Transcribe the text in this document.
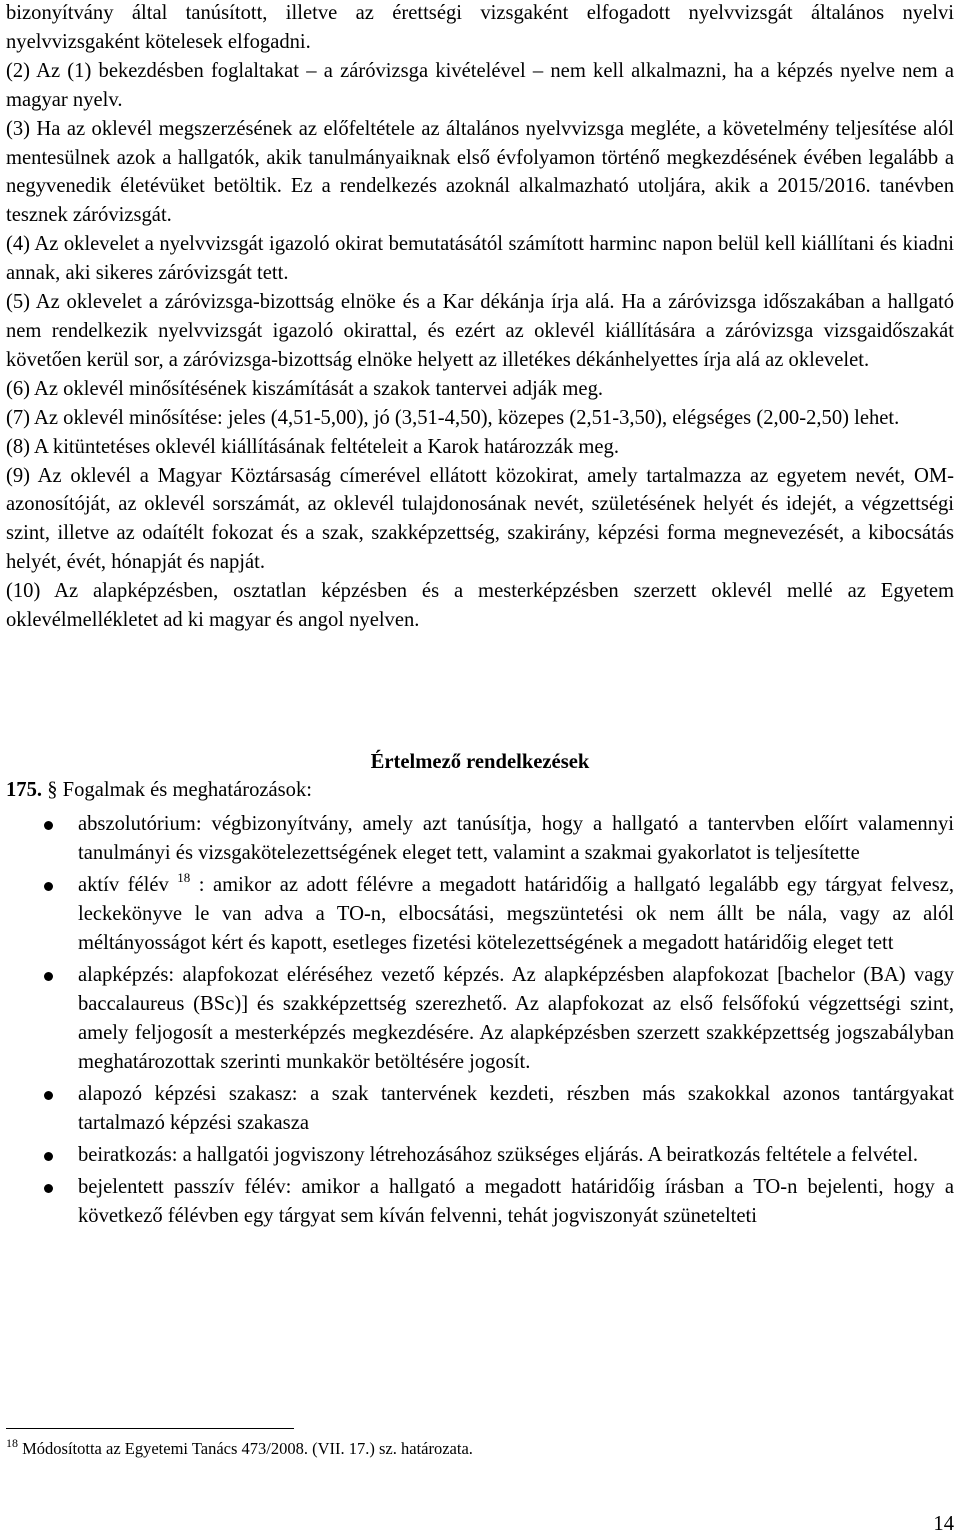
bizonyítvány által tanúsított, illetve az érettségi vizsgaként elfogadott nyelvvizsgát általános nyelvi nyelvvizsgaként kötelesek elfogadni.

(2) Az (1) bekezdésben foglaltakat – a záróvizsga kivételével – nem kell alkalmazni, ha a képzés nyelve nem a magyar nyelv.

(3) Ha az oklevél megszerzésének az előfeltétele az általános nyelvvizsga megléte, a követelmény teljesítése alól mentesülnek azok a hallgatók, akik tanulmányaiknak első évfolyamon történő megkezdésének évében legalább a negyvenedik életévüket betöltik. Ez a rendelkezés azoknál alkalmazható utoljára, akik a 2015/2016. tanévben tesznek záróvizsgát.

(4) Az oklevelet a nyelvvizsgát igazoló okirat bemutatásától számított harminc napon belül kell kiállítani és kiadni annak, aki sikeres záróvizsgát tett.

(5) Az oklevelet a záróvizsga-bizottság elnöke és a Kar dékánja írja alá. Ha a záróvizsga időszakában a hallgató nem rendelkezik nyelvvizsgát igazoló okirattal, és ezért az oklevél kiállítására a záróvizsga vizsgaidőszakát követően kerül sor, a záróvizsga-bizottság elnöke helyett az illetékes dékánhelyettes írja alá az oklevelet.

(6) Az oklevél minősítésének kiszámítását a szakok tantervei adják meg.

(7) Az oklevél minősítése: jeles (4,51-5,00), jó (3,51-4,50), közepes (2,51-3,50), elégséges (2,00-2,50) lehet.

(8) A kitüntetéses oklevél kiállításának feltételeit a Karok határozzák meg.

(9) Az oklevél a Magyar Köztársaság címerével ellátott közokirat, amely tartalmazza az egyetem nevét, OM-azonosítóját, az oklevél sorszámát, az oklevél tulajdonosának nevét, születésének helyét és idejét, a végzettségi szint, illetve az odaítélt fokozat és a szak, szakképzettség, szakirány, képzési forma megnevezését, a kibocsátás helyét, évét, hónapját és napját.

(10) Az alapképzésben, osztatlan képzésben és a mesterképzésben szerzett oklevél mellé az Egyetem oklevélmellékletet ad ki magyar és angol nyelven.

Értelmező rendelkezések
175. § Fogalmak és meghatározások:
abszolutórium: végbizonyítvány, amely azt tanúsítja, hogy a hallgató a tantervben előírt valamennyi tanulmányi és vizsgakötelezettségének eleget tett, valamint a szakmai gyakorlatot is teljesítette
aktív félév $^{18}$ : amikor az adott félévre a megadott határidőig a hallgató legalább egy tárgyat felvesz, leckekönyve le van adva a TO-n, elbocsátási, megszüntetési ok nem állt be nála, vagy az alól méltányosságot kért és kapott, esetleges fizetési kötelezettségének a megadott határidőig eleget tett
alapképzés: alapfokozat eléréséhez vezető képzés. Az alapképzésben alapfokozat [bachelor (BA) vagy baccalaureus (BSc)] és szakképzettség szerezhető. Az alapfokozat az első felsőfokú végzettségi szint, amely feljogosít a mesterképzés megkezdésére. Az alapképzésben szerzett szakképzettség jogszabályban meghatározottak szerinti munkakör betöltésére jogosít.
alapozó képzési szakasz: a szak tantervének kezdeti, részben más szakokkal azonos tantárgyakat tartalmazó képzési szakasza
beiratkozás: a hallgatói jogviszony létrehozásához szükséges eljárás. A beiratkozás feltétele a felvétel.
bejelentett passzív félév: amikor a hallgató a megadott határidőig írásban a TO-n bejelenti, hogy a következő félévben egy tárgyat sem kíván felvenni, tehát jogviszonyát szünetelteti
$^{18}$ Módosította az Egyetemi Tanács 473/2008. (VII. 17.) sz. határozata.
14
